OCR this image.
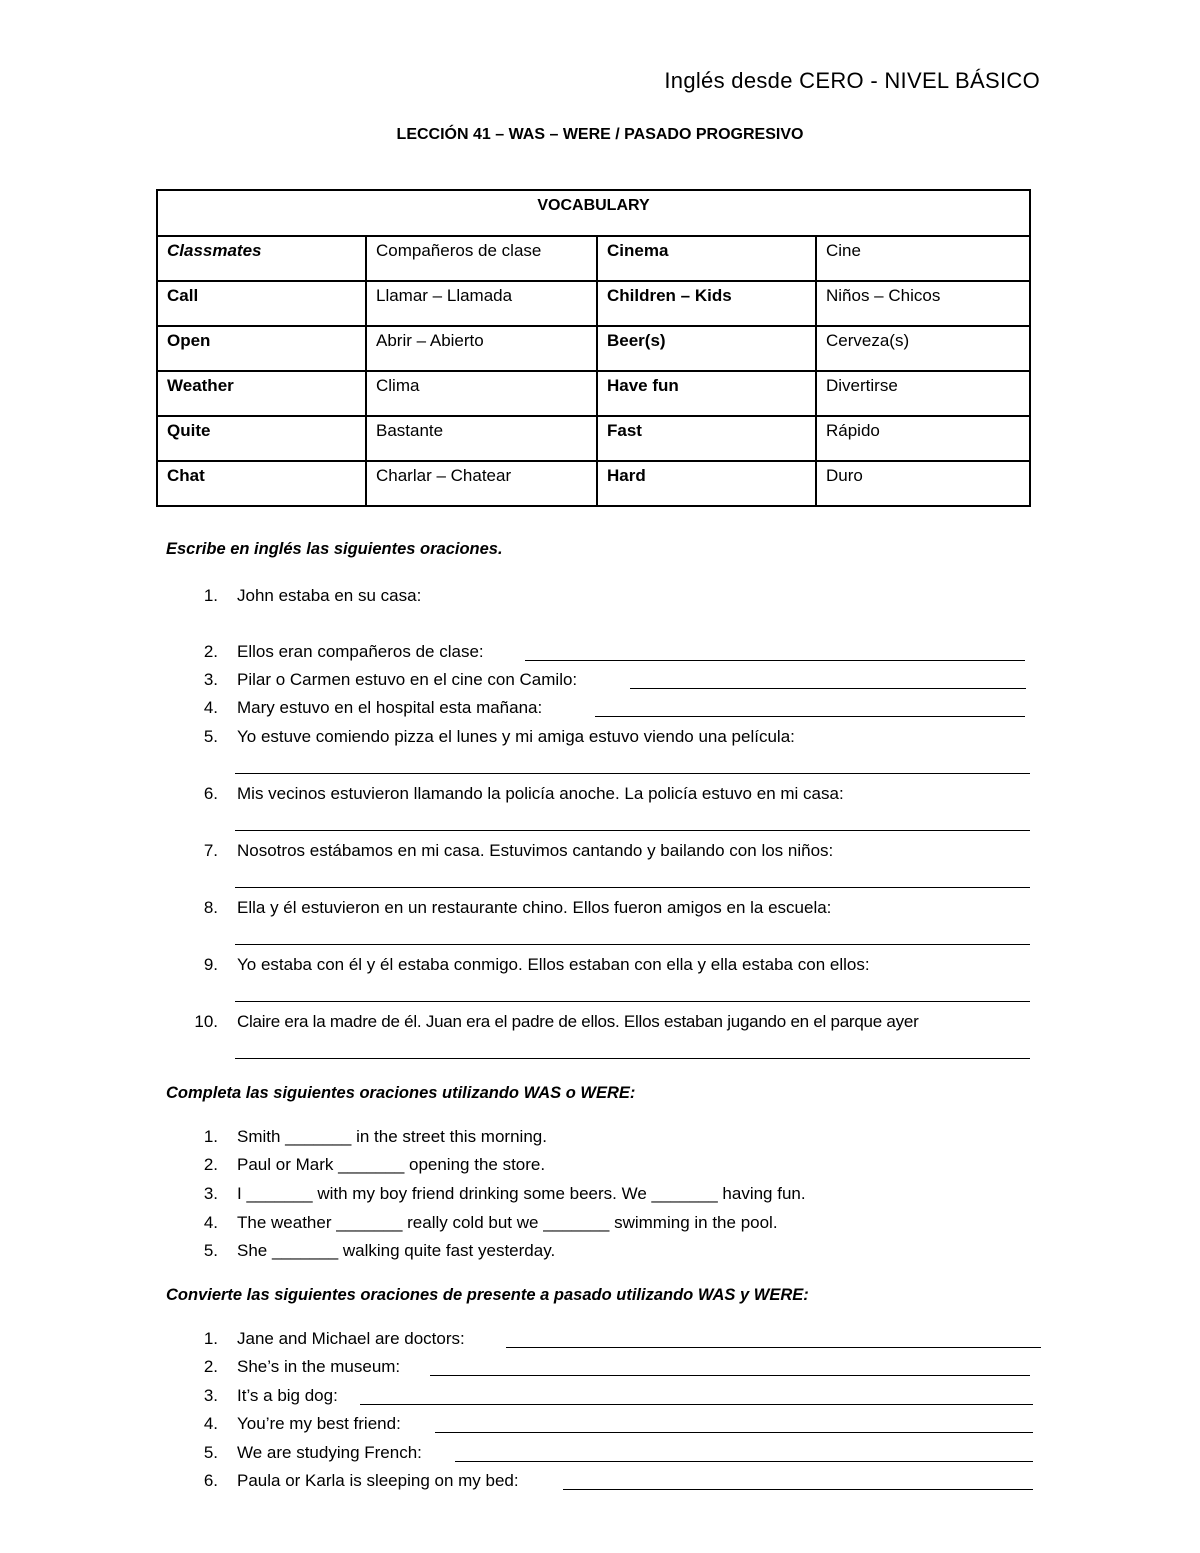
Inglés desde CERO - NIVEL BÁSICO
LECCIÓN 41 – WAS – WERE / PASADO PROGRESIVO
VOCABULARY			
Classmates	Compañeros de clase	Cinema	Cine
Call	Llamar – Llamada	Children – Kids	Niños – Chicos
Open	Abrir – Abierto	Beer(s)	Cerveza(s)
Weather	Clima	Have fun	Divertirse
Quite	Bastante	Fast	Rápido
Chat	Charlar – Chatear	Hard	Duro
Escribe en inglés las siguientes oraciones.
1. John estaba en su casa:
2. Ellos eran compañeros de clase:
3. Pilar o Carmen estuvo en el cine con Camilo:
4. Mary estuvo en el hospital esta mañana:
5. Yo estuve comiendo pizza el lunes y mi amiga estuvo viendo una película:
6. Mis vecinos estuvieron llamando la policía anoche. La policía estuvo en mi casa:
7. Nosotros estábamos en mi casa. Estuvimos cantando y bailando con los niños:
8. Ella y él estuvieron en un restaurante chino. Ellos fueron amigos en la escuela:
9. Yo estaba con él y él estaba conmigo. Ellos estaban con ella y ella estaba con ellos:
10. Claire era la madre de él. Juan era el padre de ellos. Ellos estaban jugando en el parque ayer
Completa las siguientes oraciones utilizando WAS o WERE:
1. Smith _______ in the street this morning.
2. Paul or Mark _______ opening the store.
3. I _______ with my boy friend drinking some beers. We _______ having fun.
4. The weather _______ really cold but we _______ swimming in the pool.
5. She _______ walking quite fast yesterday.
Convierte las siguientes oraciones de presente a pasado utilizando WAS y WERE:
1. Jane and Michael are doctors:
2. She’s in the museum:
3. It’s a big dog:
4. You’re my best friend:
5. We are studying French:
6. Paula or Karla is sleeping on my bed:
